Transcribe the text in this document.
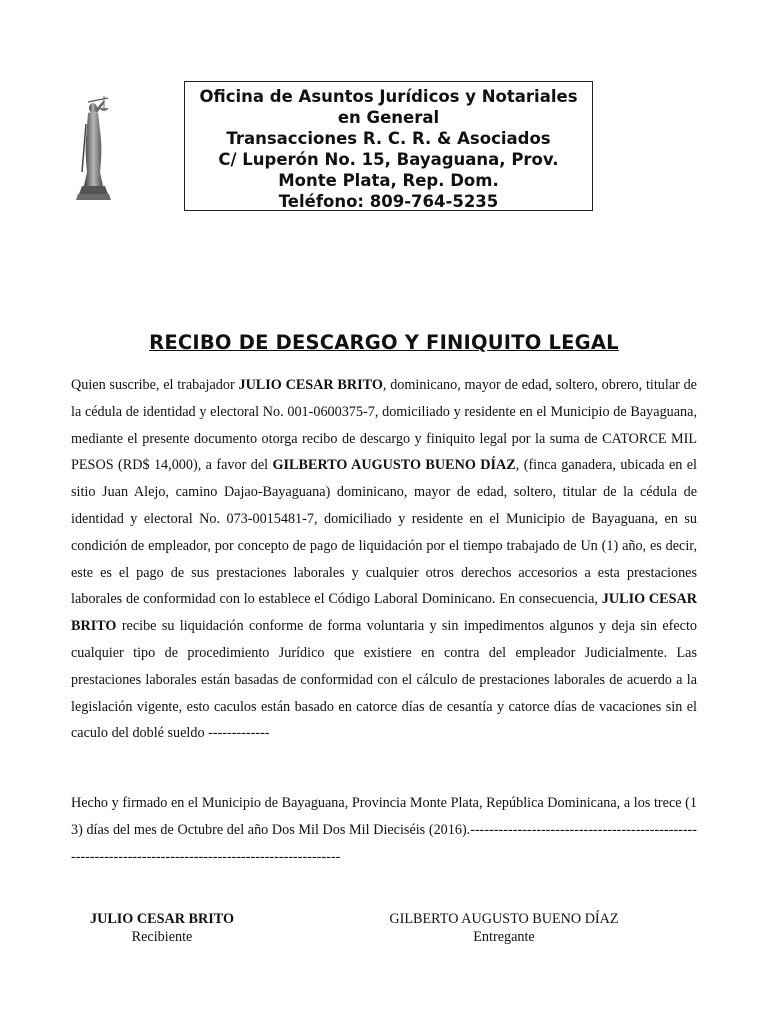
Oficina de Asuntos Jurídicos y Notariales
en General
Transacciones R. C. R. & Asociados
C/ Luperón No. 15, Bayaguana, Prov.
Monte Plata, Rep. Dom.
Teléfono: 809-764-5235
RECIBO DE DESCARGO Y FINIQUITO LEGAL

Quien suscribe, el trabajador JULIO CESAR BRITO, dominicano, mayor de edad, soltero, obrero, titular de la cédula de identidad y electoral No. 001-0600375-7, domiciliado y residente en el Municipio de Bayaguana, mediante el presente documento otorga recibo de descargo y finiquito legal por la suma de CATORCE MIL PESOS (RD$ 14,000), a favor del GILBERTO AUGUSTO BUENO DÍAZ, (finca ganadera, ubicada en el sitio Juan Alejo, camino Dajao-Bayaguana) dominicano, mayor de edad, soltero, titular de la cédula de identidad y electoral No. 073-0015481-7, domiciliado y residente en el Municipio de Bayaguana, en su condición de empleador, por concepto de pago de liquidación por el tiempo trabajado de Un (1) año, es decir, este es el pago de sus prestaciones laborales y cualquier otros derechos accesorios a esta prestaciones laborales de conformidad con lo establece el Código Laboral Dominicano. En consecuencia, JULIO CESAR BRITO recibe su liquidación conforme de forma voluntaria y sin impedimentos algunos y deja sin efecto cualquier tipo de procedimiento Jurídico que existiere en contra del empleador Judicialmente. Las prestaciones laborales están basadas de conformidad con el cálculo de prestaciones laborales de acuerdo a la legislación vigente, esto caculos están basado en catorce días de cesantía y catorce días de vacaciones sin el caculo del doblé sueldo -------------

Hecho y firmado en el Municipio de Bayaguana, Provincia Monte Plata, República Dominicana, a los trece (13) días del mes de Octubre del año Dos Mil Dos Mil Dieciséis (2016).---------------------------------------------------------------------------------------------------------

JULIO CESAR BRITO
Recibiente
GILBERTO AUGUSTO BUENO DÍAZ
Entregante
